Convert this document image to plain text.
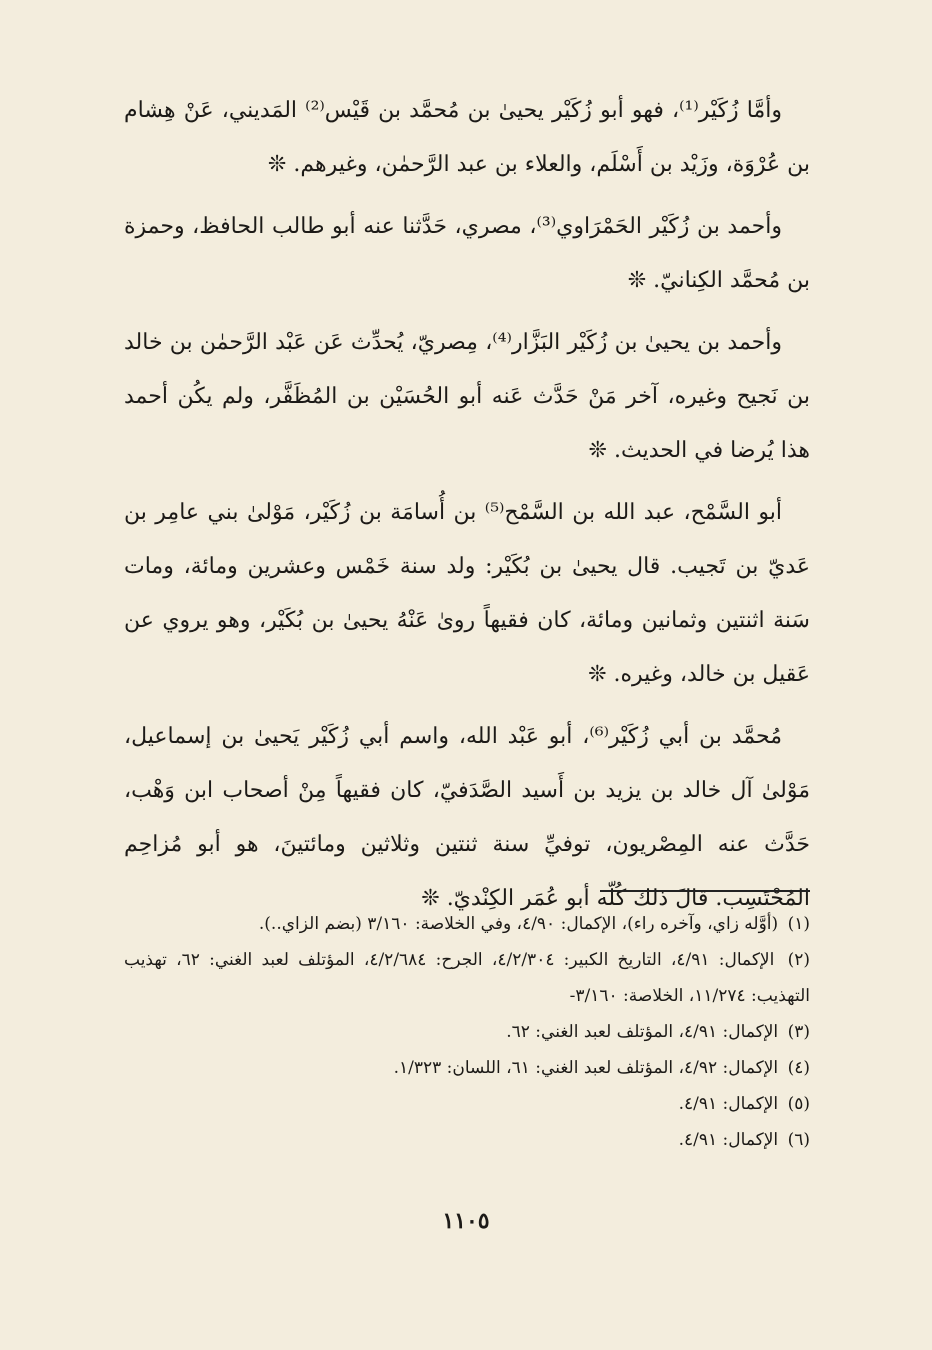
وأمَّا زُكَيْر⁽¹⁾، فهو أبو زُكَيْر يحيىٰ بن مُحمَّد بن قَيْس⁽²⁾ المَديني، عَنْ هِشام بن عُرْوَة، وزَيْد بن أَسْلَم، والعلاء بن عبد الرَّحمٰن، وغيرهم. ❊

وأحمد بن زُكَيْر الحَمْرَاوي⁽³⁾، مصري، حَدَّثنا عنه أبو طالب الحافظ، وحمزة بن مُحمَّد الكِنانيّ. ❊

وأحمد بن يحيىٰ بن زُكَيْر البَزَّار⁽⁴⁾، مِصريّ، يُحدِّث عَن عَبْد الرَّحمٰن بن خالد بن نَجيح وغيره، آخر مَنْ حَدَّث عَنه أبو الحُسَيْن بن المُظَفَّر، ولم يكُن أحمد هذا يُرضا في الحديث. ❊

أبو السَّمْح، عبد الله بن السَّمْح⁽⁵⁾ بن أُسامَة بن زُكَيْر، مَوْلىٰ بني عامِر بن عَديّ بن تَجيب. قال يحيىٰ بن بُكَيْر: ولد سنة خَمْس وعشرين ومائة، ومات سَنة اثنتين وثمانين ومائة، كان فقيهاً روىٰ عَنْهُ يحيىٰ بن بُكَيْر، وهو يروي عن عَقيل بن خالد، وغيره. ❊

مُحمَّد بن أبي زُكَيْر⁽⁶⁾، أبو عَبْد الله، واسم أبي زُكَيْر يَحيىٰ بن إسماعيل، مَوْلىٰ آل خالد بن يزيد بن أَسيد الصَّدَفيّ، كان فقيهاً مِنْ أصحاب ابن وَهْب، حَدَّث عنه المِصْريون، توفيِّ سنة ثنتين وثلاثين ومائتينَ، هو أبو مُزاحِم المُحْتَسِب. قالَ ذلك كُلّه أبو عُمَر الكِنْديّ. ❊

(١) (أوَّله زاي، وآخره راء)، الإكمال: ٤/٩٠، وفي الخلاصة: ٣/١٦٠ (بضم الزاي..).

(٢) الإكمال: ٤/٩١، التاريخ الكبير: ٤/٢/٣٠٤، الجرح: ٤/٢/٦٨٤، المؤتلف لعبد الغني: ٦٢، تهذيب التهذيب: ١١/٢٧٤، الخلاصة: ٣/١٦٠-

(٣) الإكمال: ٤/٩١، المؤتلف لعبد الغني: ٦٢.

(٤) الإكمال: ٤/٩٢، المؤتلف لعبد الغني: ٦١، اللسان: ١/٣٢٣.

(٥) الإكمال: ٤/٩١.

(٦) الإكمال: ٤/٩١.

١١٠٥
